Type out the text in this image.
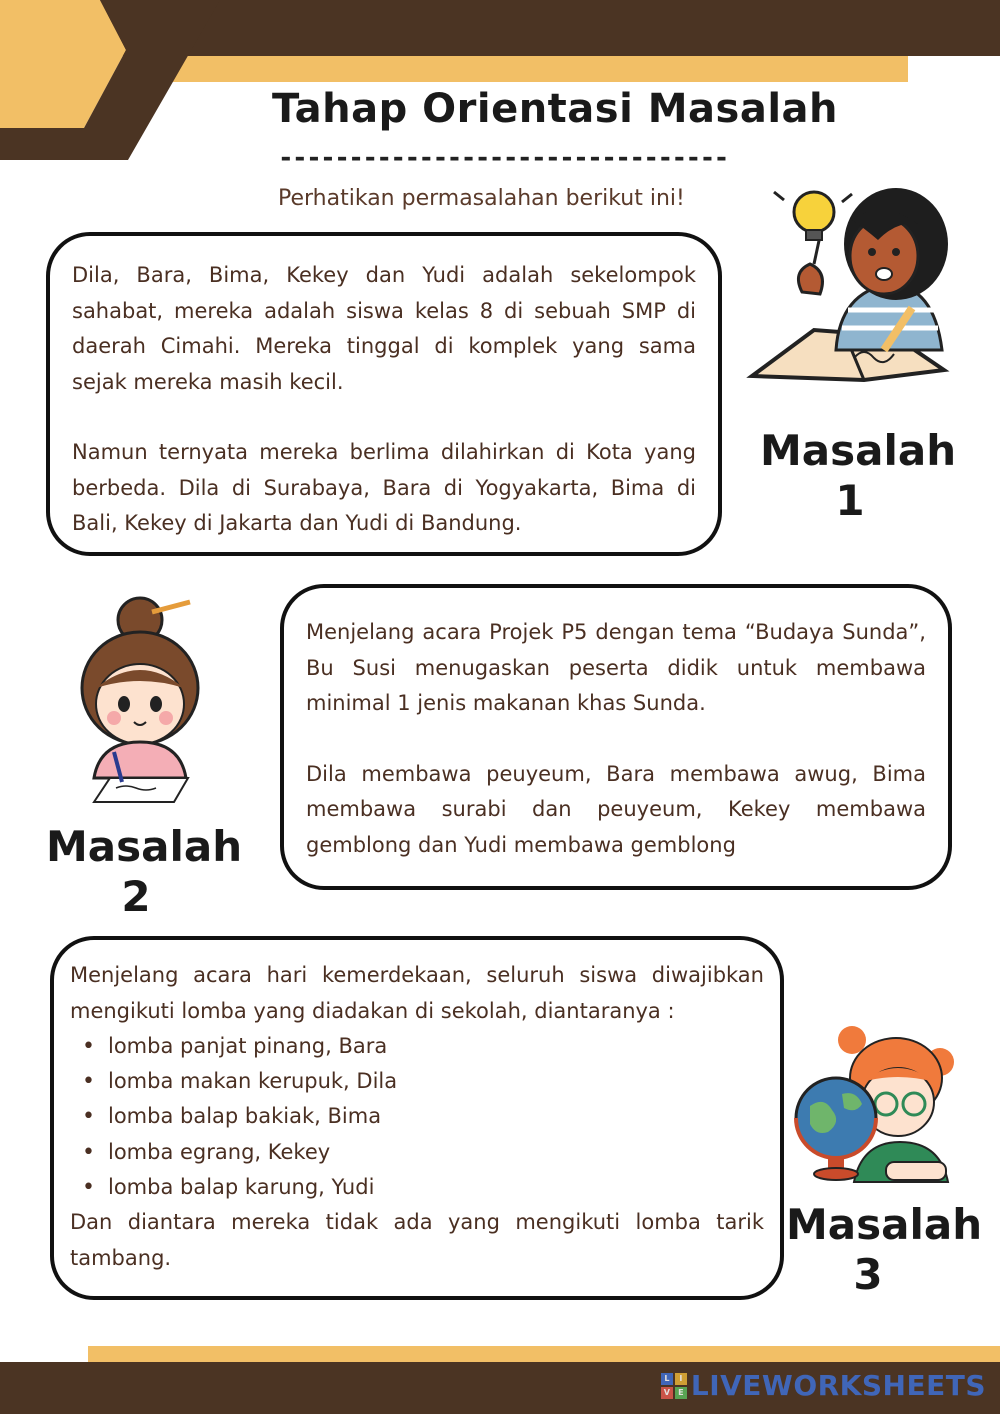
Tahap Orientasi Masalah
--------------------------------
Perhatikan permasalahan berikut ini!

Dila, Bara, Bima, Kekey dan Yudi adalah sekelompok sahabat, mereka adalah siswa kelas 8 di sebuah SMP di daerah Cimahi. Mereka tinggal di komplek yang sama sejak mereka masih kecil.

Namun ternyata mereka berlima dilahirkan di Kota yang berbeda. Dila di Surabaya, Bara di Yogyakarta, Bima di Bali, Kekey di Jakarta dan Yudi di Bandung.

Masalah
1

Menjelang acara Projek P5 dengan tema “Budaya Sunda”, Bu Susi menugaskan peserta didik untuk membawa minimal 1 jenis makanan khas Sunda.

Dila membawa peuyeum, Bara membawa awug, Bima membawa surabi dan peuyeum, Kekey membawa gemblong dan Yudi membawa gemblong

Masalah
2

Menjelang acara hari kemerdekaan, seluruh siswa diwajibkan mengikuti lomba yang diadakan di sekolah, diantaranya :

• lomba panjat pinang, Bara
• lomba makan kerupuk, Dila
• lomba balap bakiak, Bima
• lomba egrang, Kekey
• lomba balap karung, Yudi

Dan diantara mereka tidak ada yang mengikuti lomba tarik tambang.

Masalah
3
L	I
V	E LIVEWORKSHEETS
